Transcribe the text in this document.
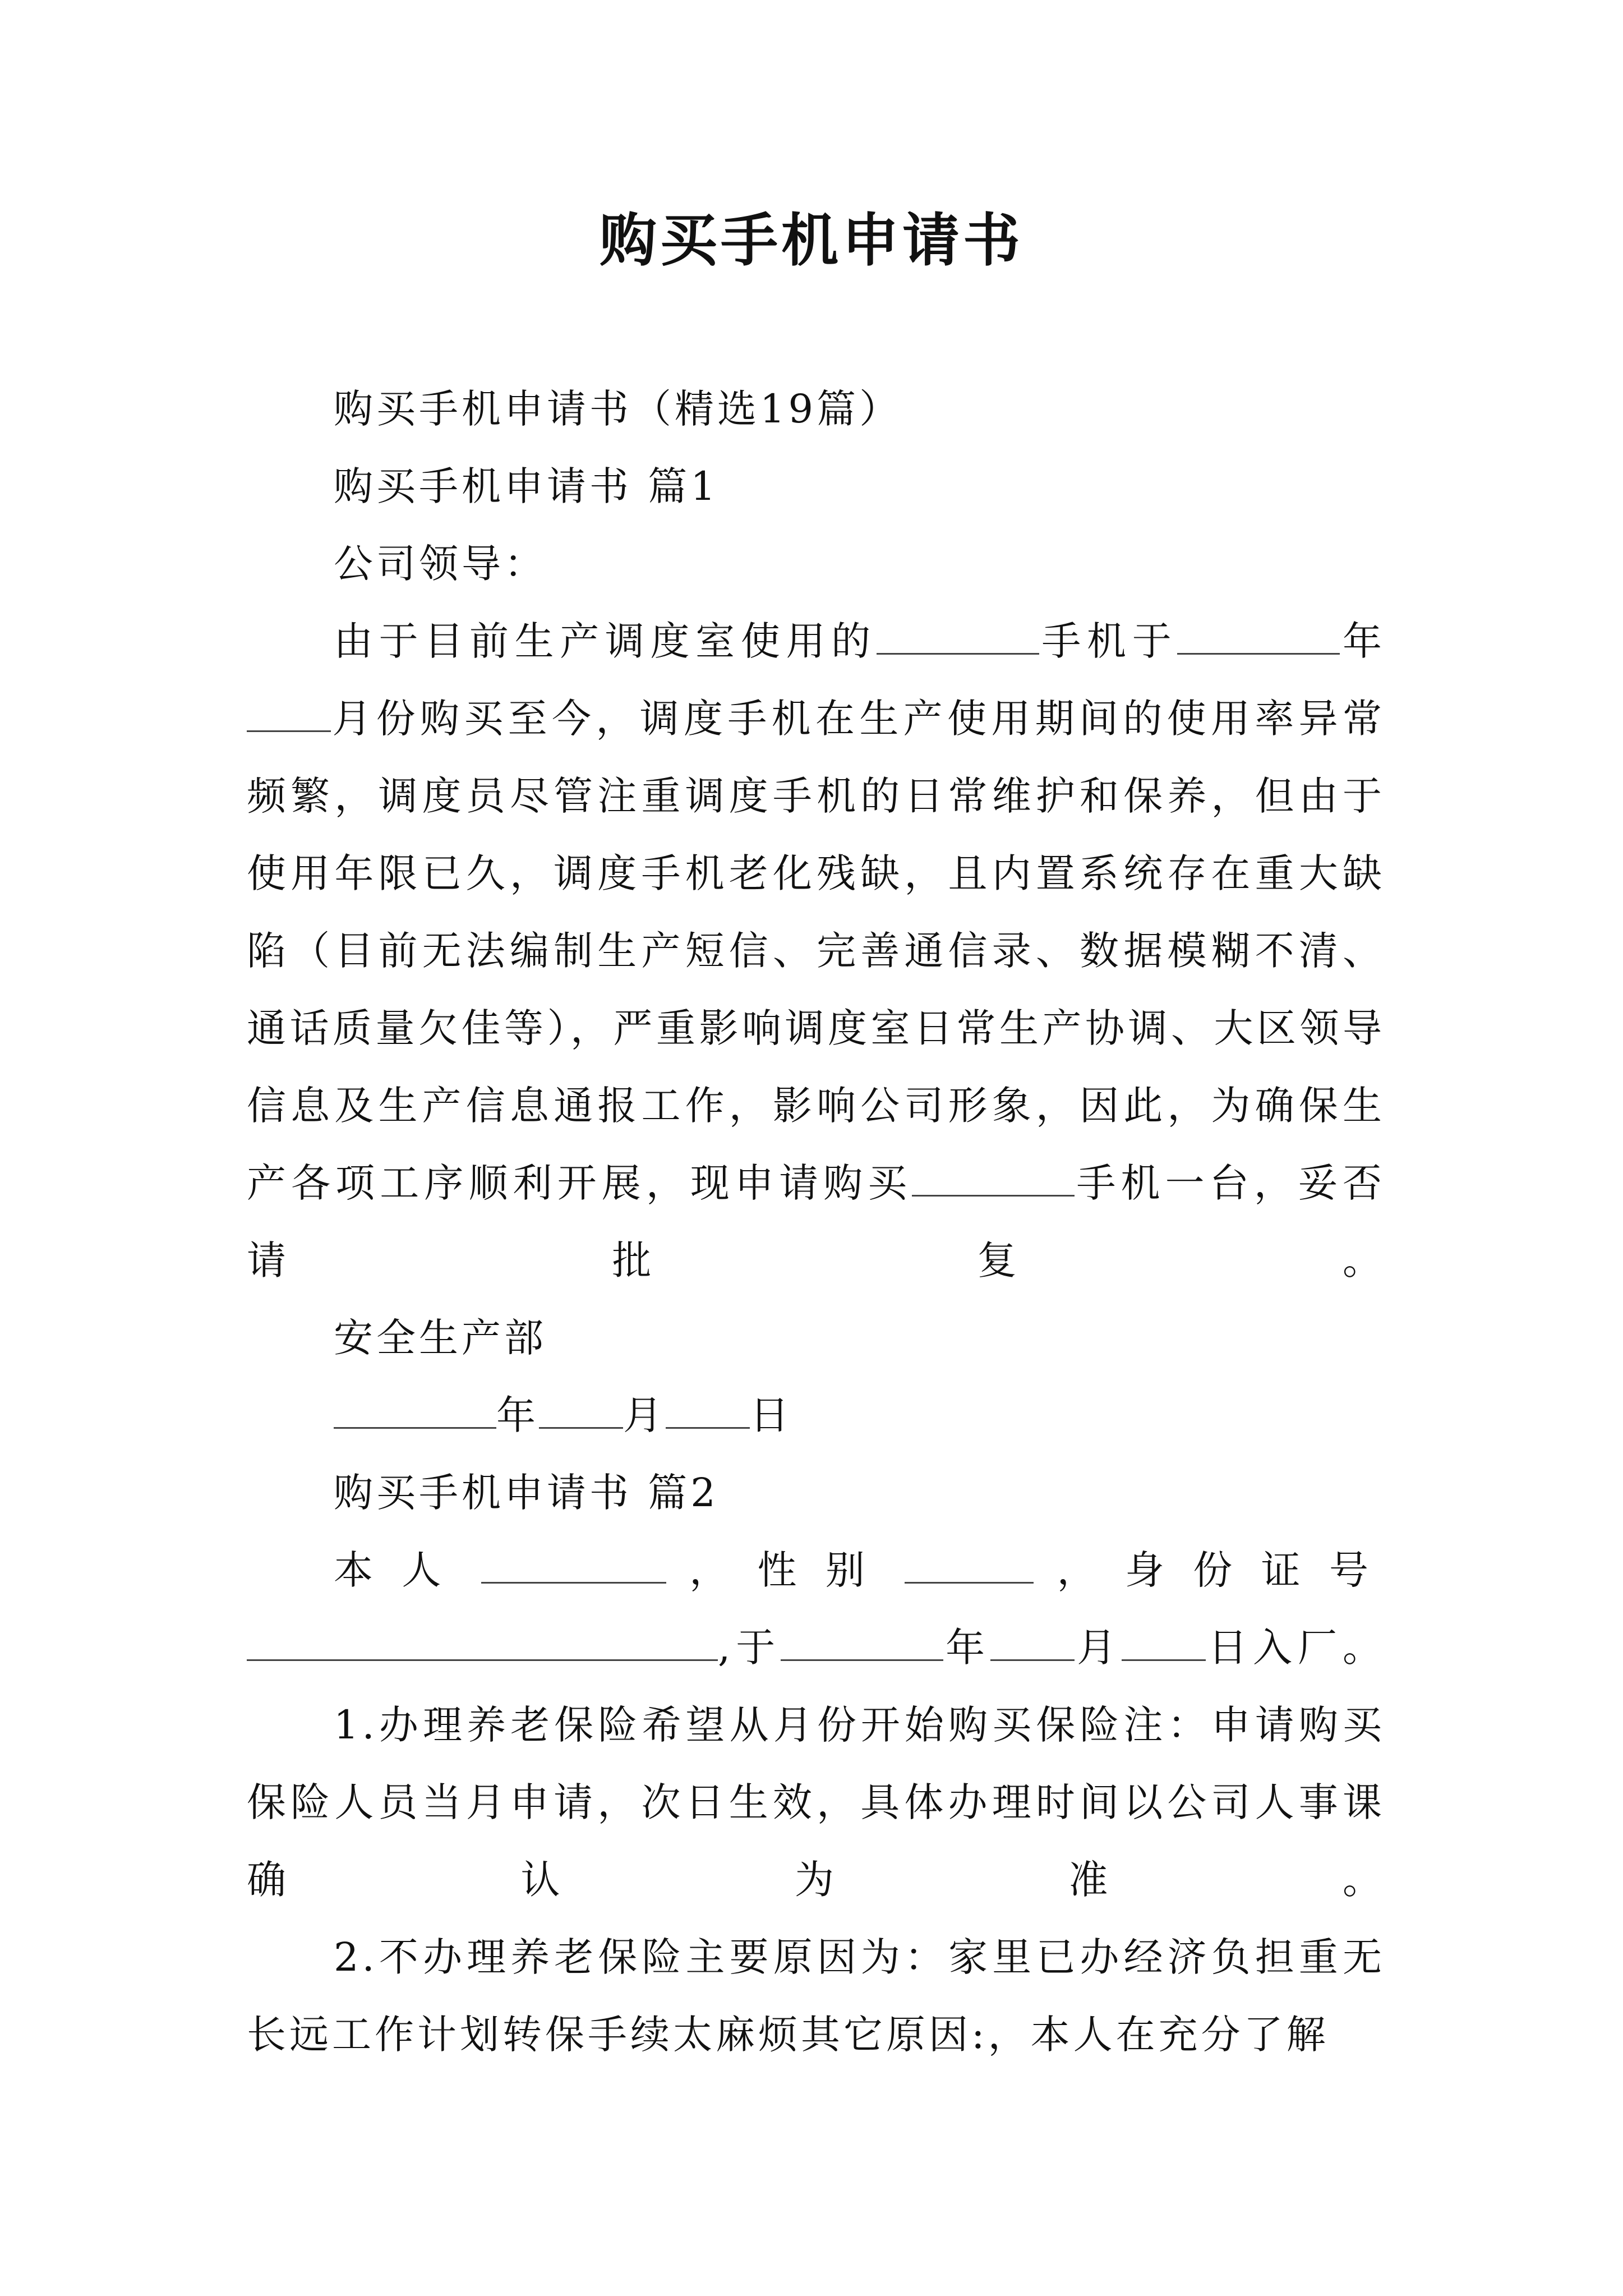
购买手机申请书

购买手机申请书（精选19篇）

购买手机申请书 篇1

公司领导：

由于目前生产调度室使用的	手机于	年月份购买至今，调度手机在生产使用期间的使用率异常频繁，调度员尽管注重调度手机的日常维护和保养，但由于使用年限已久，调度手机老化残缺，且内置系统存在重大缺陷（目前无法编制生产短信、完善通信录、数据模糊不清、通话质量欠佳等），严重影响调度室日常生产协调、大区领导信息及生产信息通报工作，影响公司形象，因此，为确保生产各项工序顺利开展，现申请购买	手机一台，妥否请批复。

安全生产部

年 月 日

购买手机申请书 篇2

本人	，性别	，身份证号,于	年 月 日入厂。

1.办理养老保险希望从月份开始购买保险注：申请购买保险人员当月申请，次日生效，具体办理时间以公司人事课确认为准。

2.不办理养老保险主要原因为：家里已办经济负担重无长远工作计划转保手续太麻烦其它原因:，本人在充分了解
